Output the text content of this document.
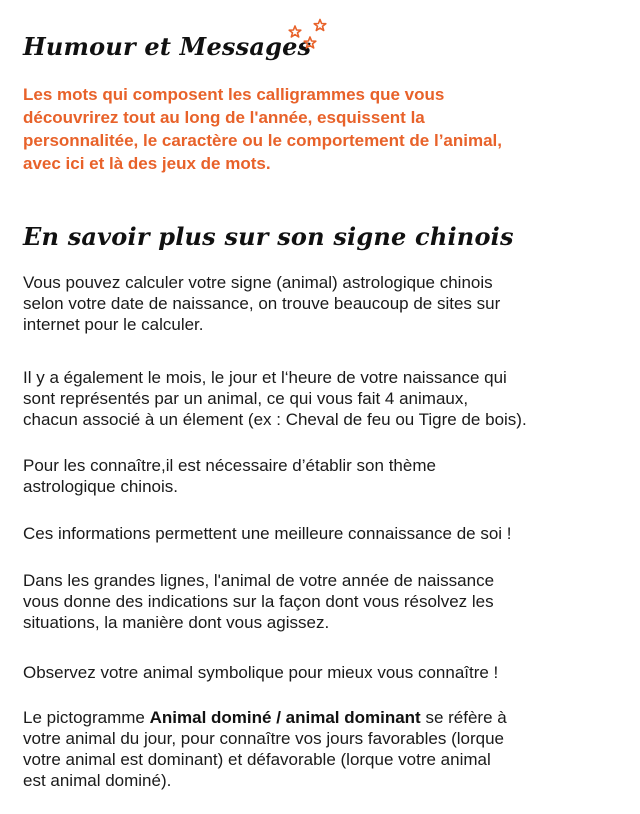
Humour et Messages

Les mots qui composent les calligrammes que vous
découvrirez tout au long de l'année, esquissent la
personnalitée, le caractère ou le comportement de l’animal,
avec ici et là des jeux de mots.

En savoir plus sur son signe chinois

Vous pouvez calculer votre signe (animal) astrologique chinois
selon votre date de naissance, on trouve beaucoup de sites sur
internet pour le calculer.

Il y a également le mois, le jour et l‘heure de votre naissance qui
sont représentés par un animal, ce qui vous fait 4 animaux,
chacun associé à un élement (ex : Cheval de feu ou Tigre de bois).

Pour les connaître,il est nécessaire d’établir son thème
astrologique chinois.

Ces informations permettent une meilleure connaissance de soi !

Dans les grandes lignes, l'animal de votre année de naissance
vous donne des indications sur la façon dont vous résolvez les
situations, la manière dont vous agissez.

Observez votre animal symbolique pour mieux vous connaître !

Le pictogramme Animal dominé / animal dominant se réfère à
votre animal du jour, pour connaître vos jours favorables (lorque
votre animal est dominant) et défavorable (lorque votre animal
est animal dominé).
